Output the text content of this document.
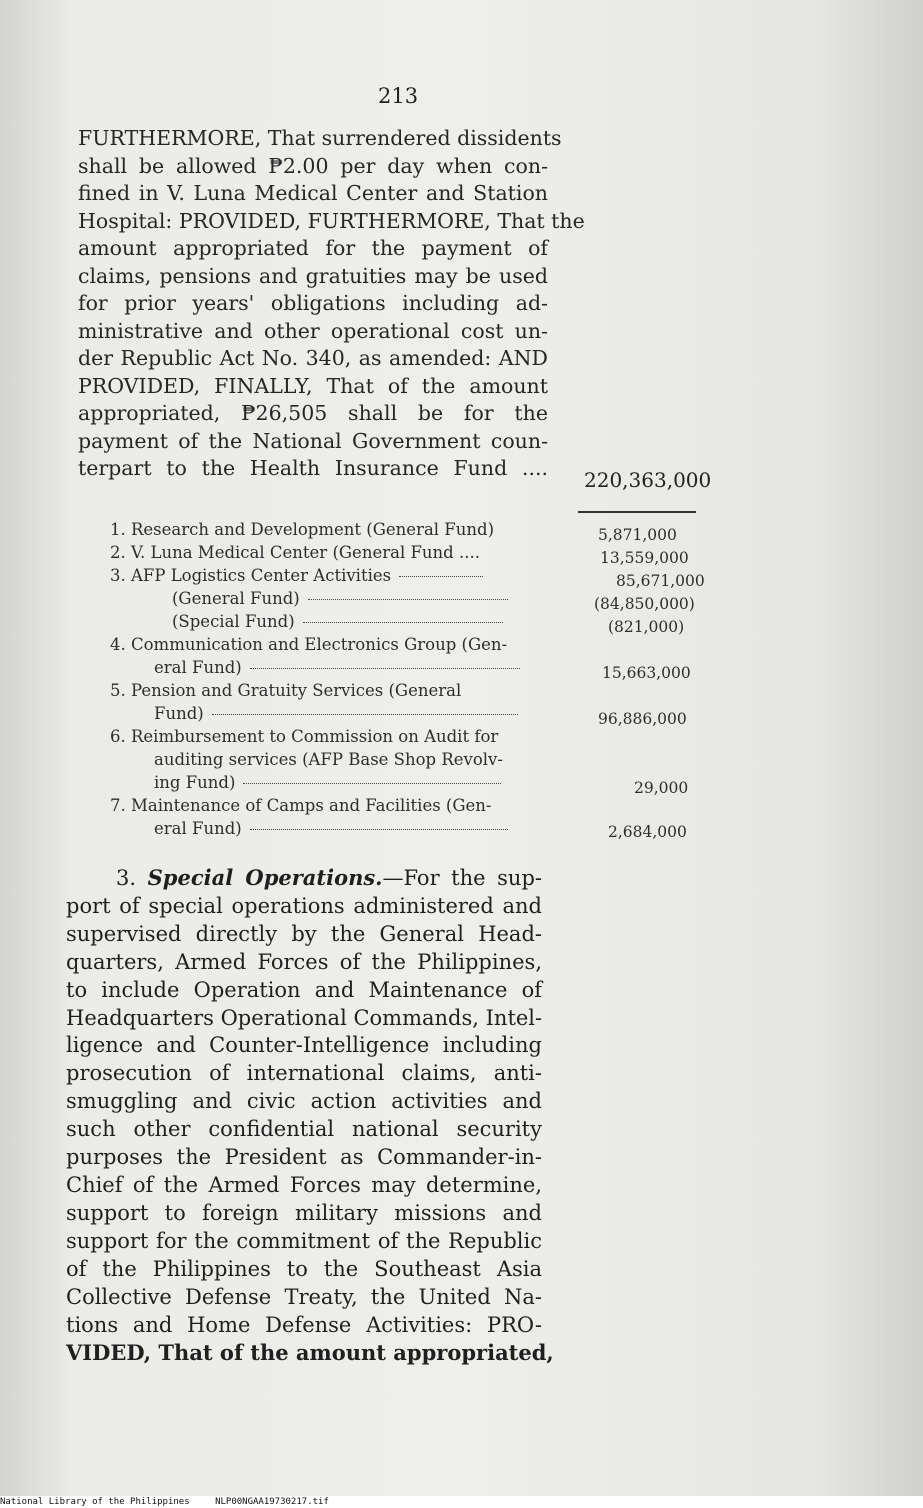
213
FURTHERMORE, That surrendered dissidents
shall be allowed ₱2.00 per day when con-
fined in V. Luna Medical Center and Station
Hospital: PROVIDED, FURTHERMORE, That the
amount appropriated for the payment of
claims, pensions and gratuities may be used
for prior years' obligations including ad-
ministrative and other operational cost un-
der Republic Act No. 340, as amended: AND
PROVIDED, FINALLY, That of the amount
appropriated, ₱26,505 shall be for the
payment of the National Government coun-
terpart to the Health Insurance Fund .... 220,363,000
1. Research and Development (General Fund)	5,871,000
2. V. Luna Medical Center (General Fund ....	13,559,000
3. AFP Logistics Center Activities	85,671,000
(General Fund)	(84,850,000)
(Special Fund)	(821,000)
4. Communication and Electronics Group (Gen-
eral Fund)	15,663,000
5. Pension and Gratuity Services (General
Fund)	96,886,000
6. Reimbursement to Commission on Audit for
auditing services (AFP Base Shop Revolv-
ing Fund)	29,000
7. Maintenance of Camps and Facilities (Gen-
eral Fund)	2,684,000
3. Special Operations.—For the sup-
port of special operations administered and
supervised directly by the General Head-
quarters, Armed Forces of the Philippines,
to include Operation and Maintenance of
Headquarters Operational Commands, Intel-
ligence and Counter-Intelligence including
prosecution of international claims, anti-
smuggling and civic action activities and
such other confidential national security
purposes the President as Commander-in-
Chief of the Armed Forces may determine,
support to foreign military missions and
support for the commitment of the Republic
of the Philippines to the Southeast Asia
Collective Defense Treaty, the United Na-
tions and Home Defense Activities: PRO-
VIDED, That of the amount appropriated,
National Library of the Philippines	NLP00NGAA19730217.tif
